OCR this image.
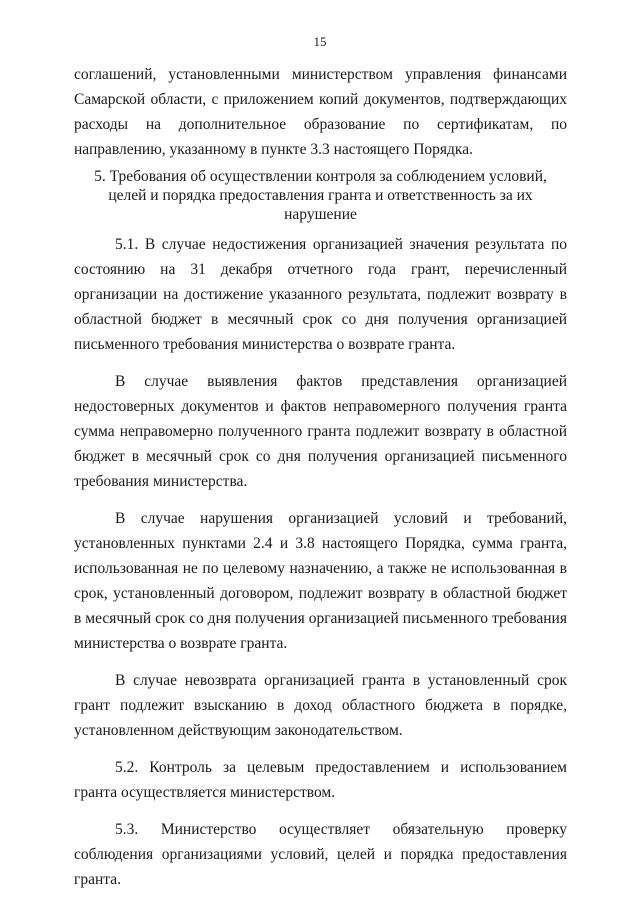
15

соглашений, установленными министерством управления финансами Самарской области, с приложением копий документов, подтверждающих расходы на дополнительное образование по сертификатам, по направлению, указанному в пункте 3.3 настоящего Порядка.

5. Требования об осуществлении контроля за соблюдением условий, целей и порядка предоставления гранта и ответственность за их нарушение

5.1. В случае недостижения организацией значения результата по состоянию на 31 декабря отчетного года грант, перечисленный организации на достижение указанного результата, подлежит возврату в областной бюджет в месячный срок со дня получения организацией письменного требования министерства о возврате гранта.

В случае выявления фактов представления организацией недостоверных документов и фактов неправомерного получения гранта сумма неправомерно полученного гранта подлежит возврату в областной бюджет в месячный срок со дня получения организацией письменного требования министерства.

В случае нарушения организацией условий и требований, установленных пунктами 2.4 и 3.8 настоящего Порядка, сумма гранта, использованная не по целевому назначению, а также не использованная в срок, установленный договором, подлежит возврату в областной бюджет в месячный срок со дня получения организацией письменного требования министерства о возврате гранта.

В случае невозврата организацией гранта в установленный срок грант подлежит взысканию в доход областного бюджета в порядке, установленном действующим законодательством.

5.2. Контроль за целевым предоставлением и использованием гранта осуществляется министерством.

5.3. Министерство осуществляет обязательную проверку соблюдения организациями условий, целей и порядка предоставления гранта.
